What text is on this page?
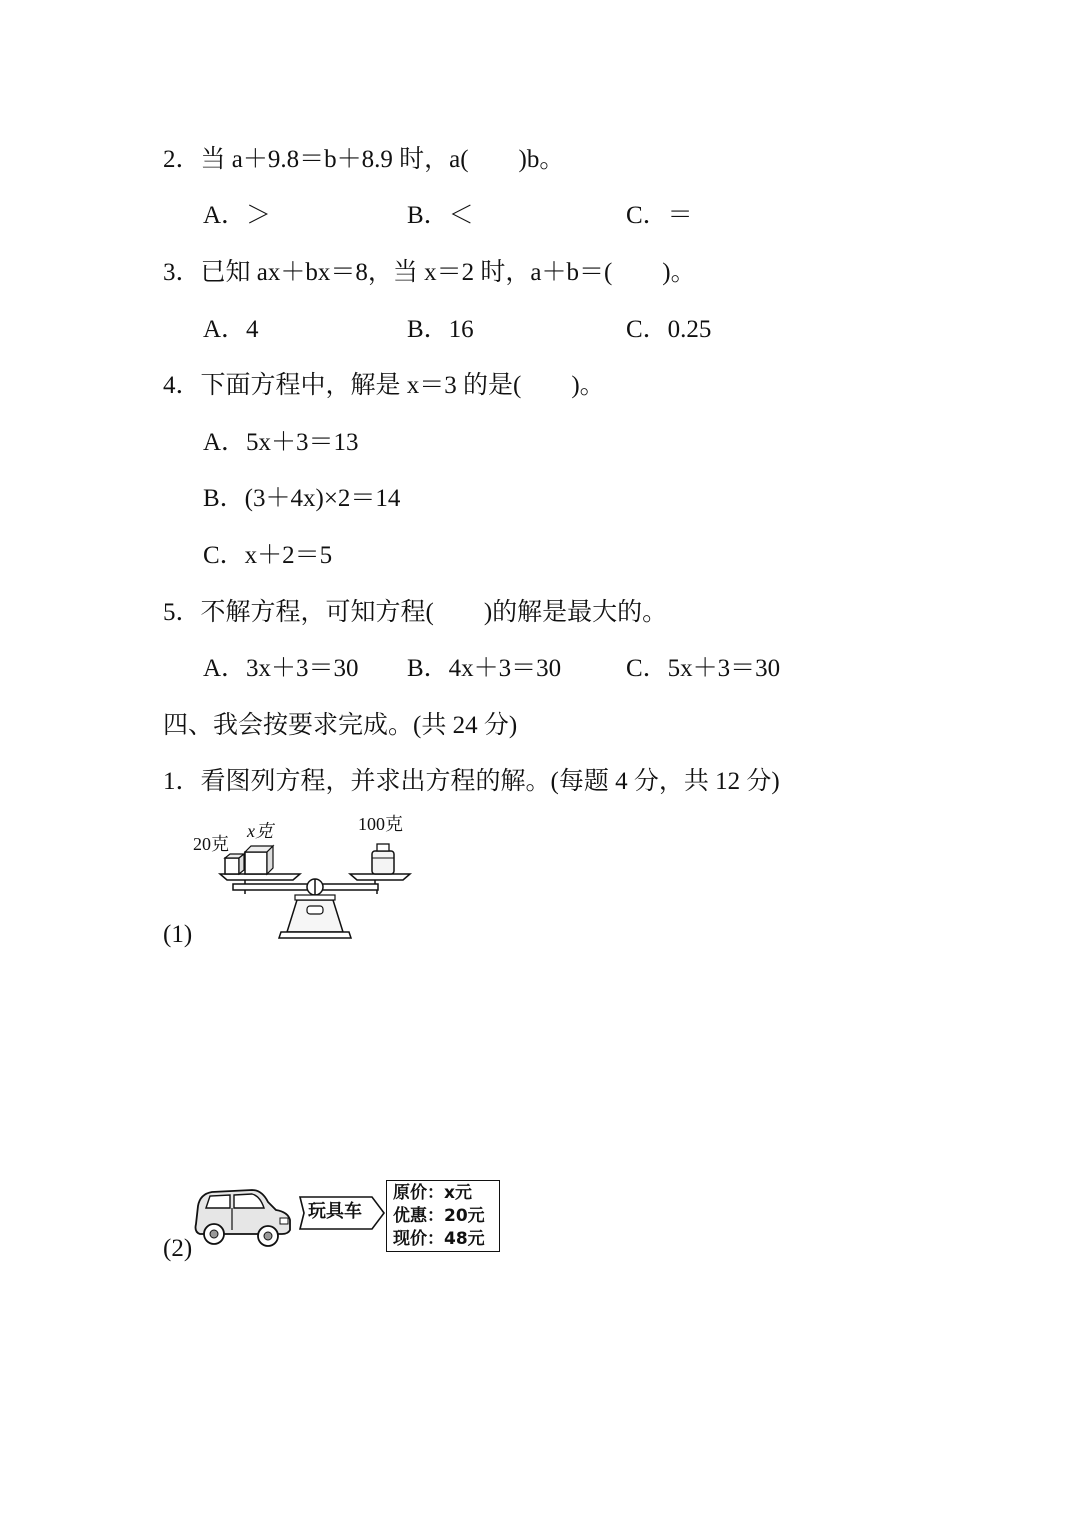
2．当 a＋9.8＝b＋8.9 时，a(　　)b。
A．＞	B．＜	C．＝
3．已知 ax＋bx＝8，当 x＝2 时，a＋b＝(　　)。
A．4	B．16	C．0.25
4．下面方程中，解是 x＝3 的是(　　)。
A．5x＋3＝13
B．(3＋4x)×2＝14
C．x＋2＝5
5．不解方程，可知方程(　　)的解是最大的。
A．3x＋3＝30 B．4x＋3＝30	C．5x＋3＝30
四、我会按要求完成。(共 24 分)
1．看图列方程，并求出方程的解。(每题 4 分，共 12 分)
(1)
20克
x克	100克
(2)
玩具车
原价：x元
优惠：20元
现价：48元
